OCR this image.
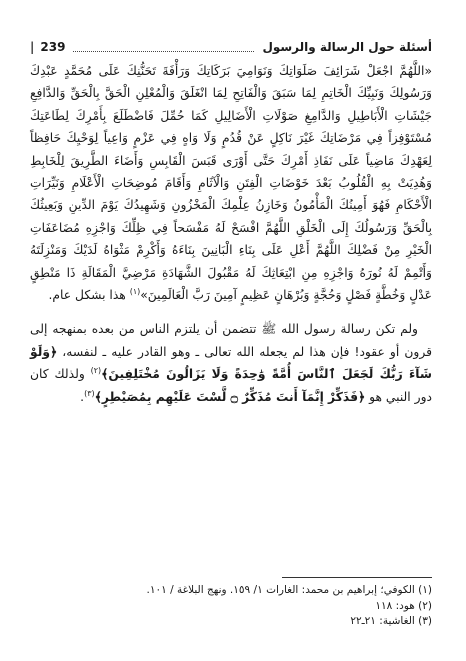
أسئلة حول الرسالة والرسول
239
|

«اللَّهُمَّ اجْعَلْ شَرَائِفَ صَلَوَاتِكَ وَنَوَامِيَ بَرَكَاتِكَ وَرَأْفَةَ تَحَنُّنِكَ عَلَى مُحَمَّدٍ عَبْدِكَ وَرَسُولِكَ وَنَبِيِّكَ الْخَاتِمِ لِمَا سَبَقَ وَالْفَاتِحِ لِمَا انْغَلَقَ وَالْمُعْلِنِ الْحَقَّ بِالْحَقِّ وَالدَّافِعِ جَيْشَاتِ الْأَبَاطِيلِ وَالدَّامِغِ صَوْلَاتِ الْأَضَالِيلِ كَمَا حُمِّلَ فَاضْطَلَعَ بِأَمْرِكَ لِطَاعَتِكَ مُسْتَوْفِزاً فِي مَرْضَاتِكَ غَيْرَ نَاكِلٍ عَنْ قُدُمٍ وَلَا وَاهٍ فِي عَزْمٍ وَاعِياً لِوَحْيِكَ حَافِظاً لِعَهْدِكَ مَاضِياً عَلَى نَفَاذِ أَمْرِكَ حَتَّى أَوْرَى قَبَسَ الْقَابِسِ وَأَضَاءَ الطَّرِيقَ لِلْخَابِطِ وَهُدِيَتْ بِهِ الْقُلُوبُ بَعْدَ خَوْضَاتِ الْفِتَنِ وَالْآثَامِ وَأَقَامَ مُوضِحَاتِ الْأَعْلَامِ وَنَيِّرَاتِ الْأَحْكَامِ فَهُوَ أَمِينُكَ الْمَأْمُونُ وَخَازِنُ عِلْمِكَ الْمَخْزُونِ وَشَهِيدُكَ يَوْمَ الدِّينِ وَبَعِيثُكَ بِالْحَقِّ وَرَسُولُكَ إِلَى الْخَلْقِ اللَّهُمَّ افْسَحْ لَهُ مَفْسَحاً فِي ظِلِّكَ وَاجْزِهِ مُضَاعَفَاتِ الْخَيْرِ مِنْ فَضْلِكَ اللَّهُمَّ أَعْلِ عَلَى بِنَاءِ الْبَانِينَ بِنَاءَهُ وَأَكْرِمْ مَثْوَاهُ لَدَيْكَ وَمَنْزِلَتَهُ وَأَتْمِمْ لَهُ نُورَهُ وَاجْزِهِ مِنِ ابْتِعَاثِكَ لَهُ مَقْبُولَ الشَّهَادَةِ مَرْضِيَّ الْمَقَالَةِ ذَا مَنْطِقٍ عَدْلٍ وَخُطَّةٍ فَصْلٍ وَحُجَّةٍ وَبُرْهَانٍ عَظِيمٍ آمِينَ رَبَّ الْعَالَمِينَ»$^{(١)}$ هذا بشكل عام.

ولم تكن رسالة رسول الله ﷺ تتضمن أن يلتزم الناس من بعده بمنهجه إلى قرون أو عقود! فإن هذا لم يجعله الله تعالى ـ وهو القادر عليه ـ لنفسه، ﴿وَلَوْ شَآءَ رَبُّكَ لَجَعَلَ ٱلنَّاسَ أُمَّةً وَٰحِدَةً وَلَا يَزَالُونَ مُخْتَلِفِينَ﴾$^{(٢)}$ ولذلك كان دور النبي هو ﴿فَذَكِّرْ إِنَّمَآ أَنتَ مُذَكِّرٌ ۝ لَّسْتَ عَلَيْهِم بِمُصَيْطِرٍ﴾$^{(٣)}$.

(١) الكوفي؛ إبراهيم بن محمد: الغارات ١/ ١٥٩. ونهج البلاغة / ١٠١.
(٢) هود: ١١٨
(٣) الغاشية: ٢١ـ٢٢
